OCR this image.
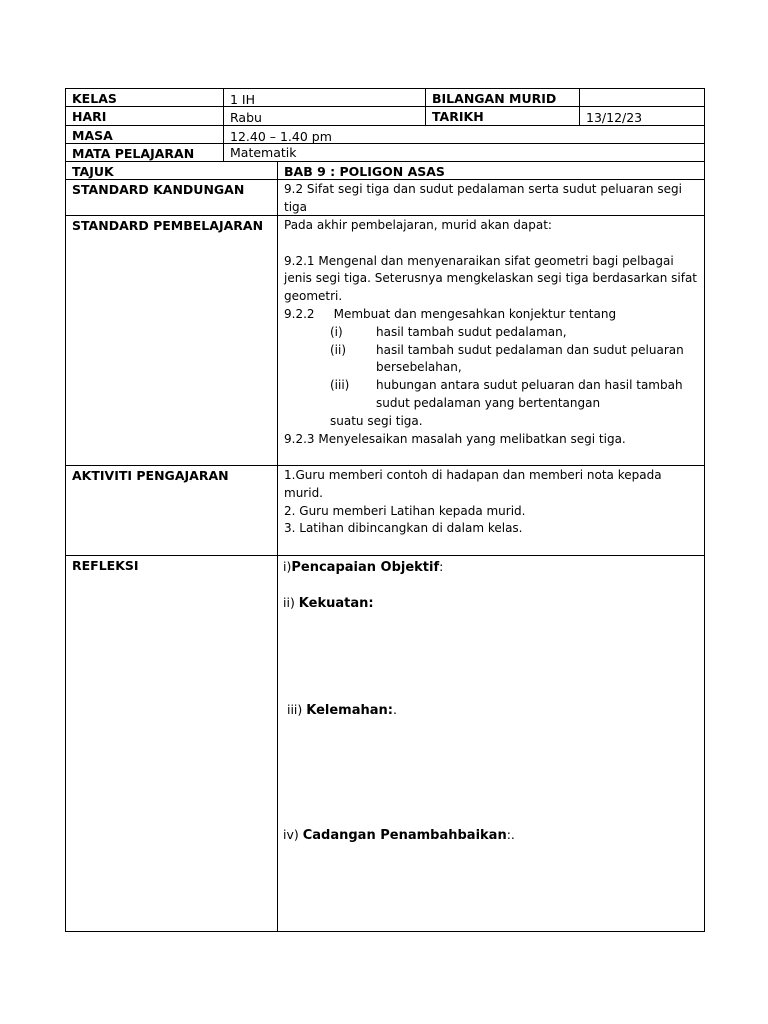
KELAS	1 IH	BILANGAN MURID
HARI	Rabu	TARIKH	13/12/23
MASA	12.40 – 1.40 pm
MATA PELAJARAN	Matematik
TAJUK	BAB 9 : POLIGON ASAS
STANDARD KANDUNGAN	9.2 Sifat segi tiga dan sudut pedalaman serta sudut peluaran segi tiga
STANDARD PEMBELAJARAN	Pada akhir pembelajaran, murid akan dapat:

9.2.1 Mengenal dan menyenaraikan sifat geometri bagi pelbagai jenis segi tiga. Seterusnya mengkelaskan segi tiga berdasarkan sifat geometri.

9.2.2     Membuat dan mengesahkan konjektur tentang

(i)	hasil tambah sudut pedalaman,
(ii)	hasil tambah sudut pedalaman dan sudut peluaran bersebelahan,
(iii)	hubungan antara sudut peluaran dan hasil tambah sudut pedalaman yang bertentangan

suatu segi tiga.

9.2.3 Menyelesaikan masalah yang melibatkan segi tiga.

AKTIVITI PENGAJARAN	1.Guru memberi contoh di hadapan dan memberi nota kepada murid.

2. Guru memberi Latihan kepada murid.

3. Latihan dibincangkan di dalam kelas.

REFLEKSI	i)Pencapaian Objektif:

ii) Kekuatan:

iii) Kelemahan:.

iv) Cadangan Penambahbaikan:.
